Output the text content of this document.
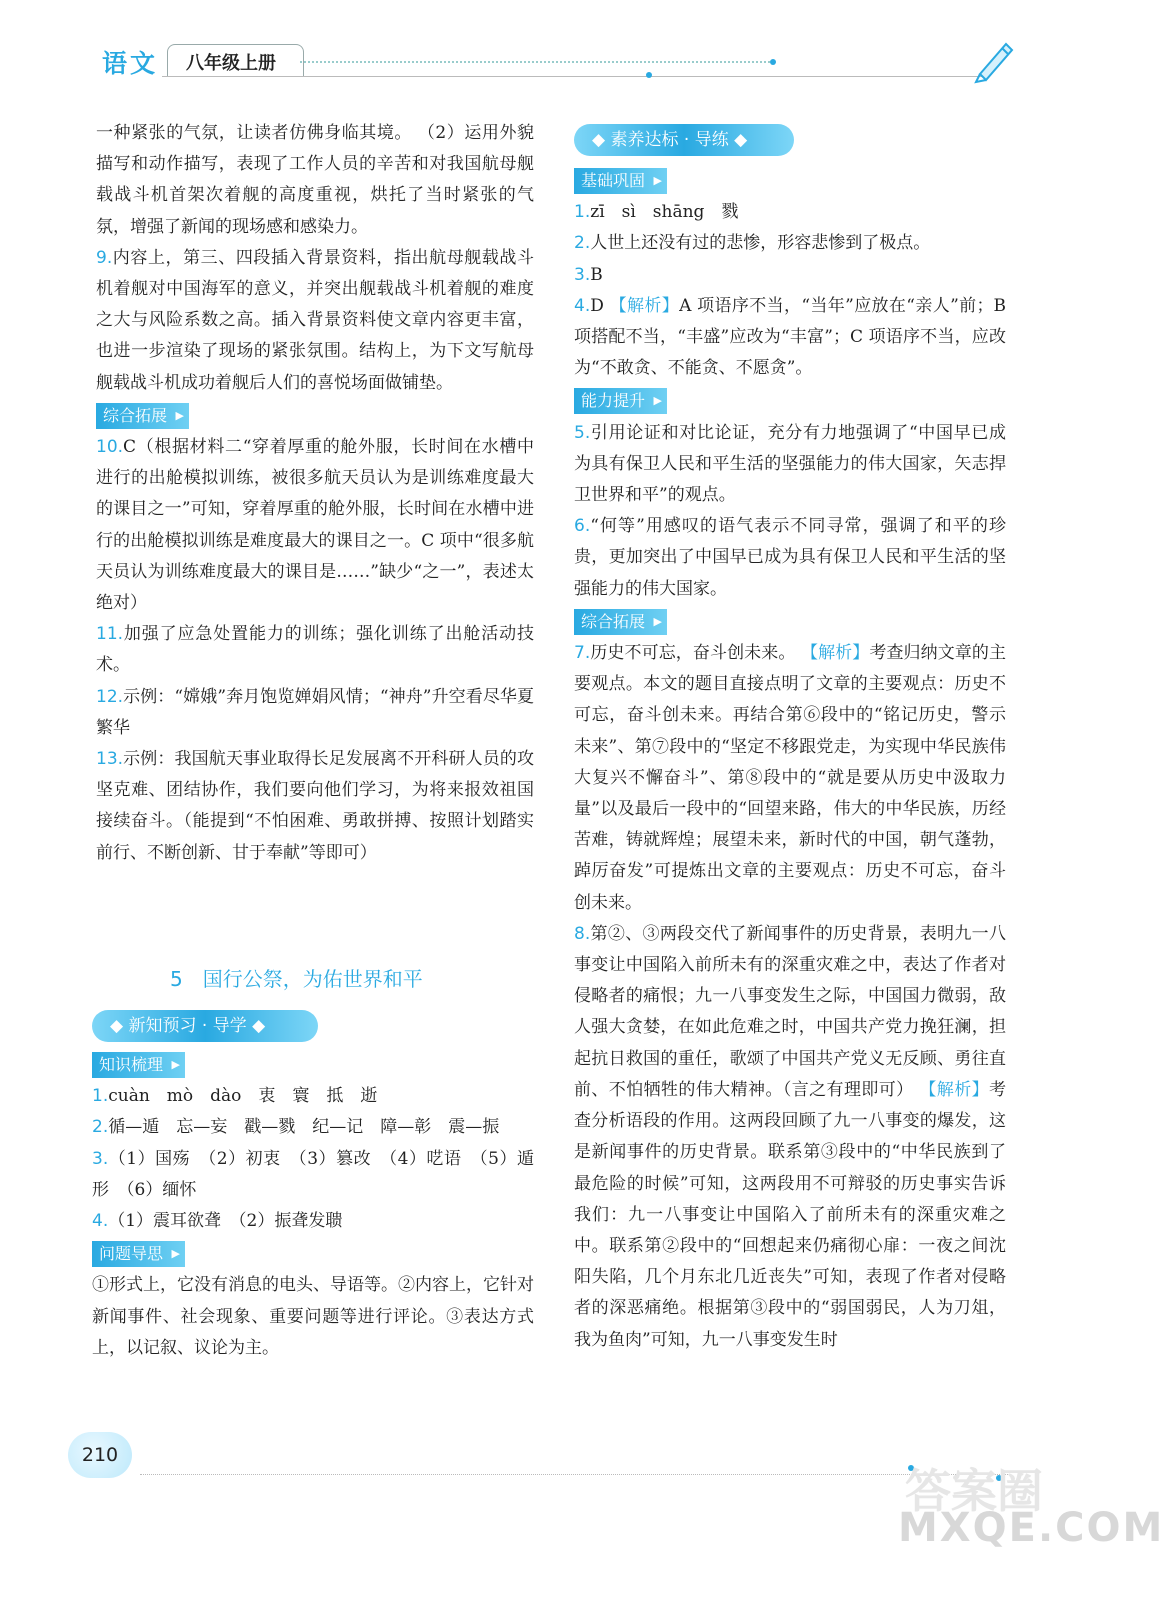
语文 八年级上册

一种紧张的气氛，让读者仿佛身临其境。 （2）运用外貌描写和动作描写，表现了工作人员的辛苦和对我国航母舰载战斗机首架次着舰的高度重视，烘托了当时紧张的气氛，增强了新闻的现场感和感染力。

9.内容上，第三、四段插入背景资料，指出航母舰载战斗机着舰对中国海军的意义，并突出舰载战斗机着舰的难度之大与风险系数之高。插入背景资料使文章内容更丰富，也进一步渲染了现场的紧张氛围。结构上，为下文写航母舰载战斗机成功着舰后人们的喜悦场面做铺垫。

综合拓展 ▶

10.C（根据材料二“穿着厚重的舱外服，长时间在水槽中进行的出舱模拟训练，被很多航天员认为是训练难度最大的课目之一”可知，穿着厚重的舱外服，长时间在水槽中进行的出舱模拟训练是难度最大的课目之一。C 项中“很多航天员认为训练难度最大的课目是……”缺少“之一”，表述太绝对）

11.加强了应急处置能力的训练；强化训练了出舱活动技术。

12.示例：“嫦娥”奔月饱览婵娟风情；“神舟”升空看尽华夏繁华

13.示例：我国航天事业取得长足发展离不开科研人员的攻坚克难、团结协作，我们要向他们学习，为将来报效祖国接续奋斗。（能提到“不怕困难、勇敢拼搏、按照计划踏实前行、不断创新、甘于奉献”等即可）

5 国行公祭，为佑世界和平
◆ 新知预习 · 导学 ◆
知识梳理 ▶

1.cuàn　mò　dào　衷　寰　抵　逝

2.循—遁　忘—妄　戳—戮　纪—记　障—彰　震—振

3.（1）国殇　（2）初衷　（3）篡改　（4）呓语　（5）遁形　（6）缅怀

4.（1）震耳欲聋　（2）振聋发聩

问题导思 ▶

①形式上，它没有消息的电头、导语等。②内容上，它针对新闻事件、社会现象、重要问题等进行评论。③表达方式上，以记叙、议论为主。

◆ 素养达标 · 导练 ◆
基础巩固 ▶

1.zī　sì　shāng　戮

2.人世上还没有过的悲惨，形容悲惨到了极点。

3.B

4.D 【解析】A 项语序不当，“当年”应放在“亲人”前；B 项搭配不当，“丰盛”应改为“丰富”；C 项语序不当，应改为“不敢贪、不能贪、不愿贪”。

能力提升 ▶

5.引用论证和对比论证，充分有力地强调了“中国早已成为具有保卫人民和平生活的坚强能力的伟大国家，矢志捍卫世界和平”的观点。

6.“何等”用感叹的语气表示不同寻常，强调了和平的珍贵，更加突出了中国早已成为具有保卫人民和平生活的坚强能力的伟大国家。

综合拓展 ▶

7.历史不可忘，奋斗创未来。 【解析】考查归纳文章的主要观点。本文的题目直接点明了文章的主要观点：历史不可忘，奋斗创未来。再结合第⑥段中的“铭记历史，警示未来”、第⑦段中的“坚定不移跟党走，为实现中华民族伟大复兴不懈奋斗”、第⑧段中的“就是要从历史中汲取力量”以及最后一段中的“回望来路，伟大的中华民族，历经苦难，铸就辉煌；展望未来，新时代的中国，朝气蓬勃，踔厉奋发”可提炼出文章的主要观点：历史不可忘，奋斗创未来。

8.第②、③两段交代了新闻事件的历史背景，表明九一八事变让中国陷入前所未有的深重灾难之中，表达了作者对侵略者的痛恨；九一八事变发生之际，中国国力微弱，敌人强大贪婪，在如此危难之时，中国共产党力挽狂澜，担起抗日救国的重任，歌颂了中国共产党义无反顾、勇往直前、不怕牺牲的伟大精神。（言之有理即可） 【解析】考查分析语段的作用。这两段回顾了九一八事变的爆发，这是新闻事件的历史背景。联系第③段中的“中华民族到了最危险的时候”可知，这两段用不可辩驳的历史事实告诉我们：九一八事变让中国陷入了前所未有的深重灾难之中。联系第②段中的“回想起来仍痛彻心扉：一夜之间沈阳失陷，几个月东北几近丧失”可知，表现了作者对侵略者的深恶痛绝。根据第③段中的“弱国弱民，人为刀俎，我为鱼肉”可知，九一八事变发生时

210
答案圈
MXQE.COM
